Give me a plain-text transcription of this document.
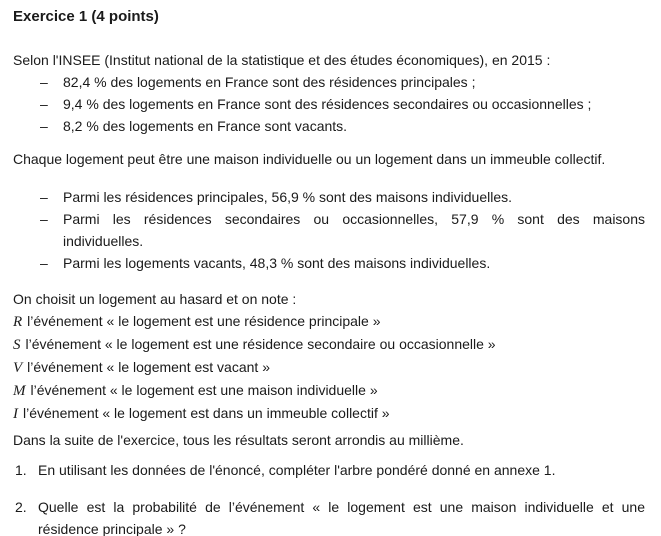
Exercice 1 (4 points)
Selon l'INSEE (Institut national de la statistique et des études économiques), en 2015 :
–	82,4 % des logements en France sont des résidences principales ;
–	9,4 % des logements en France sont des résidences secondaires ou occasionnelles ;
–	8,2 % des logements en France sont vacants.
Chaque logement peut être une maison individuelle ou un logement dans un immeuble collectif.
–	Parmi les résidences principales, 56,9 % sont des maisons individuelles.
–	Parmi les résidences secondaires ou occasionnelles, 57,9 % sont des maisons
individuelles.
–	Parmi les logements vacants, 48,3 % sont des maisons individuelles.
On choisit un logement au hasard et on note :
R l’événement « le logement est une résidence principale »
S l’événement « le logement est une résidence secondaire ou occasionnelle »
V l’événement « le logement est vacant »
M l’événement « le logement est une maison individuelle »
I l’événement « le logement est dans un immeuble collectif »
Dans la suite de l'exercice, tous les résultats seront arrondis au millième.
1. En utilisant les données de l'énoncé, compléter l'arbre pondéré donné en annexe 1.
2. Quelle est la probabilité de l’événement « le logement est une maison individuelle et une
résidence principale » ?
